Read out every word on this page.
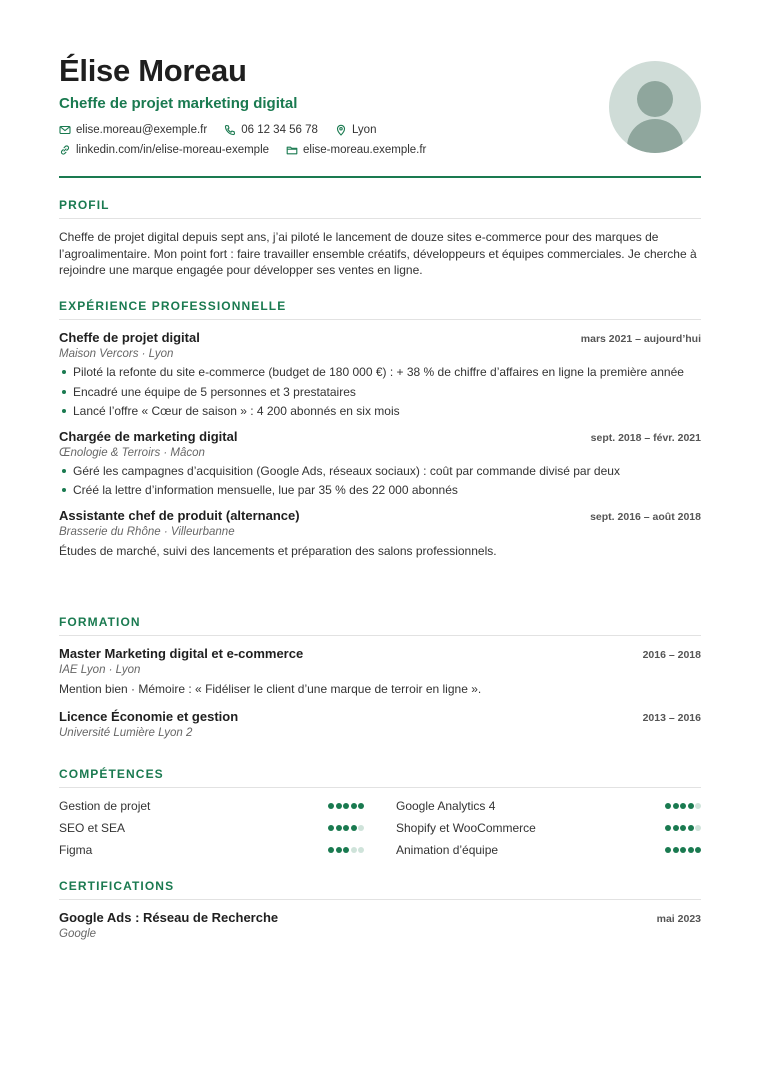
Élise Moreau
Cheffe de projet marketing digital
elise.moreau@exemple.fr	06 12 34 56 78	Lyon
linkedin.com/in/elise-moreau-exemple	elise-moreau.exemple.fr
PROFIL
Cheffe de projet digital depuis sept ans, j’ai piloté le lancement de douze sites e-commerce pour des marques de l’agroalimentaire. Mon point fort : faire travailler ensemble créatifs, développeurs et équipes commerciales. Je cherche à rejoindre une marque engagée pour développer ses ventes en ligne.
EXPÉRIENCE PROFESSIONNELLE
Cheffe de projet digital	mars 2021 – aujourd’hui
Maison Vercors · Lyon
Piloté la refonte du site e-commerce (budget de 180 000 €) : + 38 % de chiffre d’affaires en ligne la première année
Encadré une équipe de 5 personnes et 3 prestataires
Lancé l’offre « Cœur de saison » : 4 200 abonnés en six mois
Chargée de marketing digital	sept. 2018 – févr. 2021
Œnologie & Terroirs · Mâcon
Géré les campagnes d’acquisition (Google Ads, réseaux sociaux) : coût par commande divisé par deux
Créé la lettre d’information mensuelle, lue par 35 % des 22 000 abonnés
Assistante chef de produit (alternance)	sept. 2016 – août 2018
Brasserie du Rhône · Villeurbanne
Études de marché, suivi des lancements et préparation des salons professionnels.
FORMATION
Master Marketing digital et e-commerce	2016 – 2018
IAE Lyon · Lyon
Mention bien · Mémoire : « Fidéliser le client d’une marque de terroir en ligne ».
Licence Économie et gestion	2013 – 2016
Université Lumière Lyon 2
COMPÉTENCES
Gestion de projet	Google Analytics 4
SEO et SEA	Shopify et WooCommerce
Figma	Animation d’équipe
CERTIFICATIONS
Google Ads : Réseau de Recherche	mai 2023
Google
